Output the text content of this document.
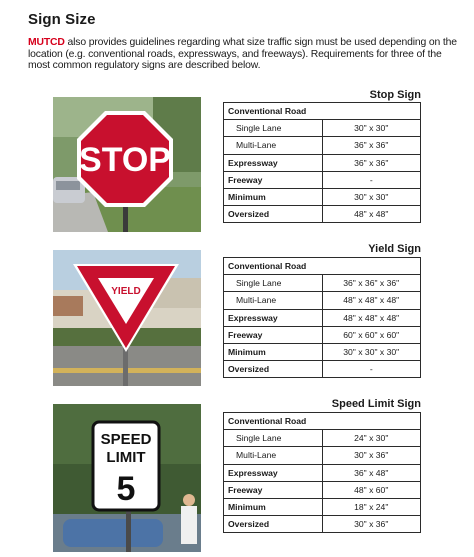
Sign Size
MUTCD also provides guidelines regarding what size traffic sign must be used depending on the location (e.g. conventional roads, expressways, and freeways). Requirements for three of the most common regulatory signs are described below.
STOP
YIELD
SPEED
LIMIT
5
Stop Sign
Conventional Road	
Single Lane	30" x 30"
Multi-Lane	36" x 36"
Expressway	36" x 36"
Freeway	-
Minimum	30" x 30"
Oversized	48" x 48"
Yield Sign
Conventional Road	
Single Lane	36" x 36" x 36"
Multi-Lane	48" x 48" x 48"
Expressway	48" x 48" x 48"
Freeway	60" x 60" x 60"
Minimum	30" x 30" x 30"
Oversized	-
Speed Limit Sign
Conventional Road	
Single Lane	24" x 30"
Multi-Lane	30" x 36"
Expressway	36" x 48"
Freeway	48" x 60"
Minimum	18" x 24"
Oversized	30" x 36"
